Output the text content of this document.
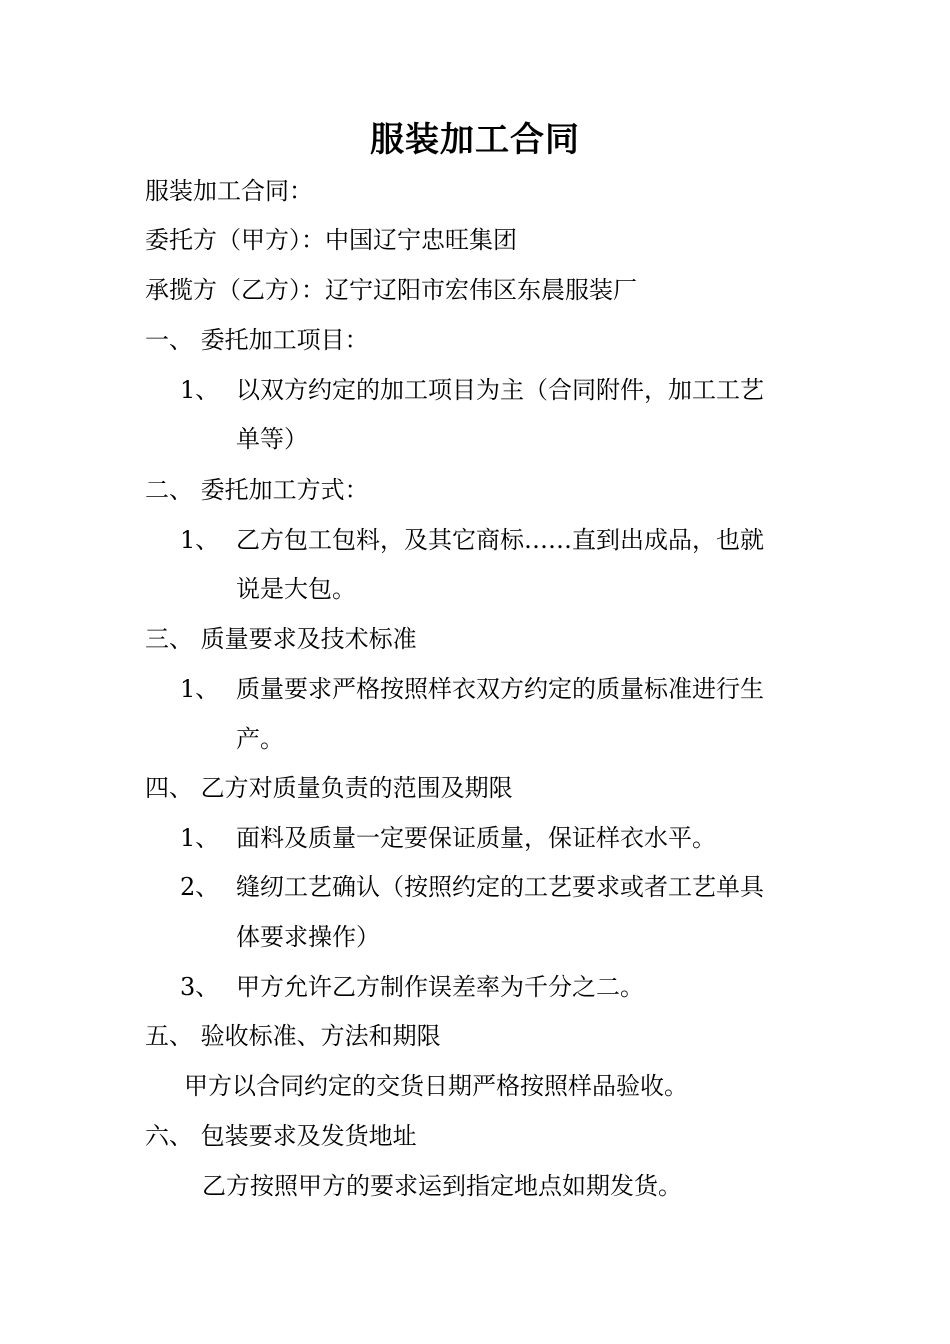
服装加工合同
服装加工合同：
委托方（甲方）：中国辽宁忠旺集团
承揽方（乙方）：辽宁辽阳市宏伟区东晨服装厂
一、 委托加工项目：
1、 以双方约定的加工项目为主（合同附件，加工工艺
单等）
二、 委托加工方式：
1、 乙方包工包料，及其它商标……直到出成品，也就
说是大包。
三、 质量要求及技术标准
1、 质量要求严格按照样衣双方约定的质量标准进行生
产。
四、 乙方对质量负责的范围及期限
1、 面料及质量一定要保证质量，保证样衣水平。
2、 缝纫工艺确认（按照约定的工艺要求或者工艺单具
体要求操作）
3、 甲方允许乙方制作误差率为千分之二。
五、 验收标准、方法和期限
甲方以合同约定的交货日期严格按照样品验收。
六、 包装要求及发货地址
乙方按照甲方的要求运到指定地点如期发货。
